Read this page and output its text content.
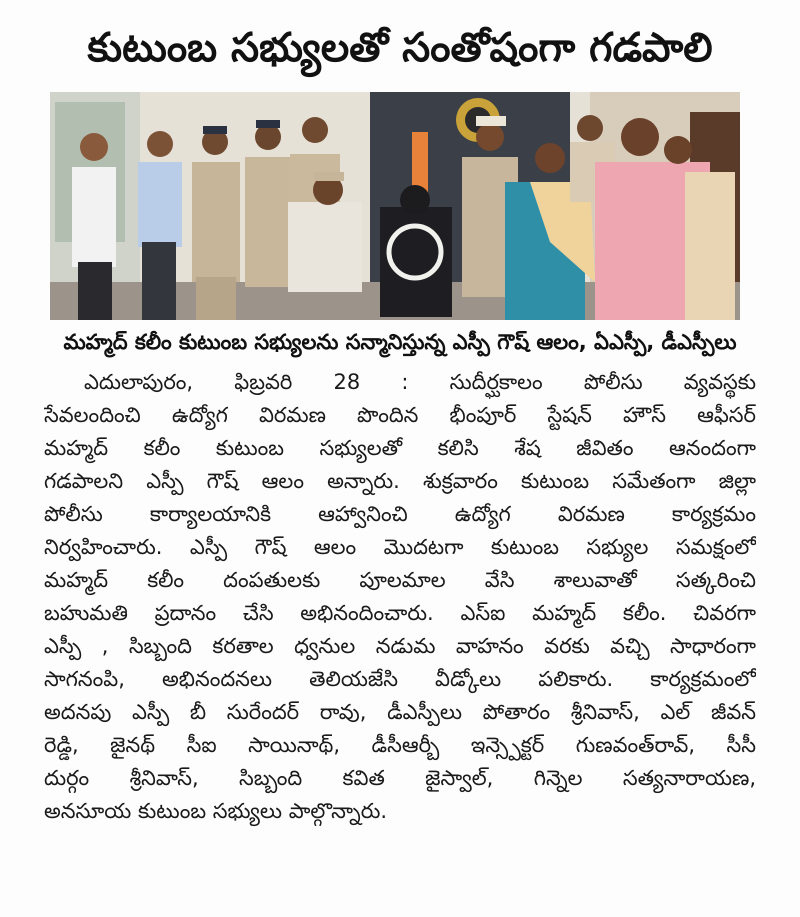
కుటుంబ సభ్యులతో సంతోషంగా గడపాలి
మహ్మద్ కలీం కుటుంబ సభ్యులను సన్మానిస్తున్న ఎస్పీ గౌష్ ఆలం, ఏఎస్పీ, డీఎస్పీలు
ఎదులాపురం, ఫిబ్రవరి 28 : సుదీర్ఘకాలం పోలీసు వ్యవస్థకు
సేవలందించి ఉద్యోగ విరమణ పొందిన భీంపూర్ స్టేషన్ హౌస్ ఆఫీసర్
మహ్మద్ కలీం కుటుంబ సభ్యులతో కలిసి శేష జీవితం ఆనందంగా
గడపాలని ఎస్పీ గౌష్ ఆలం అన్నారు. శుక్రవారం కుటుంబ సమేతంగా జిల్లా
పోలీసు కార్యాలయానికి ఆహ్వానించి ఉద్యోగ విరమణ కార్యక్రమం
నిర్వహించారు. ఎస్పీ గౌష్ ఆలం మొదటగా కుటుంబ సభ్యుల సమక్షంలో
మహ్మద్ కలీం దంపతులకు పూలమాల వేసి శాలువాతో సత్కరించి
బహుమతి ప్రదానం చేసి అభినందించారు. ఎస్ఐ మహ్మద్ కలీం. చివరగా
ఎస్పీ , సిబ్బంది కరతాల ధ్వనుల నడుమ వాహనం వరకు వచ్చి సాధారంగా
సాగనంపి, అభినందనలు తెలియజేసి వీడ్కోలు పలికారు. కార్యక్రమంలో
అదనపు ఎస్పీ బీ సురేందర్ రావు, డీఎస్పీలు పోతారం శ్రీనివాస్, ఎల్ జీవన్
రెడ్డి, జైనథ్ సీఐ సాయినాథ్, డీసీఆర్బీ ఇన్స్పెక్టర్ గుణవంత్‌రావ్, సీసీ
దుర్గం శ్రీనివాస్, సిబ్బంది కవిత జైస్వాల్, గిన్నెల సత్యనారాయణ,
అనసూయ కుటుంబ సభ్యులు పాల్గొన్నారు.
